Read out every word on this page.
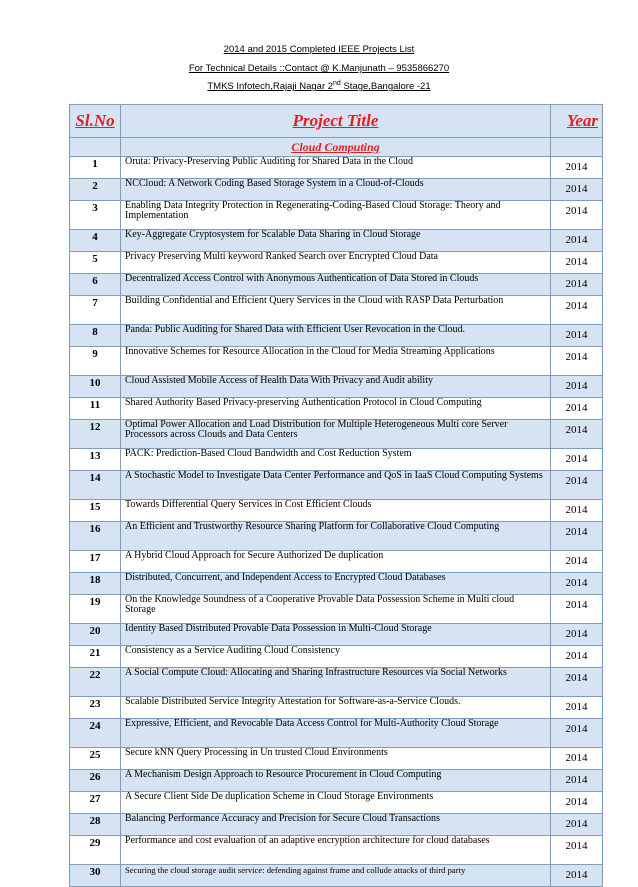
2014 and 2015 Completed IEEE Projects List
For Technical Details ::Contact @ K.Manjunath – 9535866270
TMKS Infotech,Rajaji Nagar 2nd Stage,Bangalore -21
Sl.No	Project Title	Year
	Cloud Computing	
1	Oruta: Privacy-Preserving Public Auditing for Shared Data in the Cloud	2014
2	NCCloud: A Network Coding Based Storage System in a Cloud-of-Clouds	2014
3	Enabling Data Integrity Protection in Regenerating-Coding-Based Cloud Storage: Theory and Implementation	2014
4	Key-Aggregate Cryptosystem for Scalable Data Sharing in Cloud Storage	2014
5	Privacy Preserving Multi keyword Ranked Search over Encrypted Cloud Data	2014
6	Decentralized Access Control with Anonymous Authentication of Data Stored in Clouds	2014
7	Building Confidential and Efficient Query Services in the Cloud with RASP Data Perturbation	2014
8	Panda: Public Auditing for Shared Data with Efficient User Revocation in the Cloud.	2014
9	Innovative Schemes for Resource Allocation in the Cloud for Media Streaming Applications	2014
10	Cloud Assisted Mobile Access of Health Data With Privacy and Audit ability	2014
11	Shared Authority Based Privacy-preserving Authentication Protocol in Cloud Computing	2014
12	Optimal Power Allocation and Load Distribution for Multiple Heterogeneous Multi core Server Processors across Clouds and Data Centers	2014
13	PACK: Prediction-Based Cloud Bandwidth and Cost Reduction System	2014
14	A Stochastic Model to Investigate Data Center Performance and QoS in IaaS Cloud Computing Systems	2014
15	Towards Differential Query Services in Cost Efficient Clouds	2014
16	An Efficient and Trustworthy Resource Sharing Platform for Collaborative Cloud Computing	2014
17	A Hybrid Cloud Approach for Secure Authorized De duplication	2014
18	Distributed, Concurrent, and Independent Access to Encrypted Cloud Databases	2014
19	On the Knowledge Soundness of a Cooperative Provable Data Possession Scheme in Multi cloud Storage	2014
20	Identity Based Distributed Provable Data Possession in Multi-Cloud Storage	2014
21	Consistency as a Service Auditing Cloud Consistency	2014
22	A Social Compute Cloud: Allocating and Sharing Infrastructure Resources via Social Networks	2014
23	Scalable Distributed Service Integrity Attestation for Software-as-a-Service Clouds.	2014
24	Expressive, Efficient, and Revocable Data Access Control for Multi-Authority Cloud Storage	2014
25	Secure kNN Query Processing in Un trusted Cloud Environments	2014
26	A Mechanism Design Approach to Resource Procurement in Cloud Computing	2014
27	A Secure Client Side De duplication Scheme in Cloud Storage Environments	2014
28	Balancing Performance Accuracy and Precision for Secure Cloud Transactions	2014
29	Performance and cost evaluation of an adaptive encryption architecture for cloud databases	2014
30	Securing the cloud storage audit service: defending against frame and collude attacks of third party	2014
